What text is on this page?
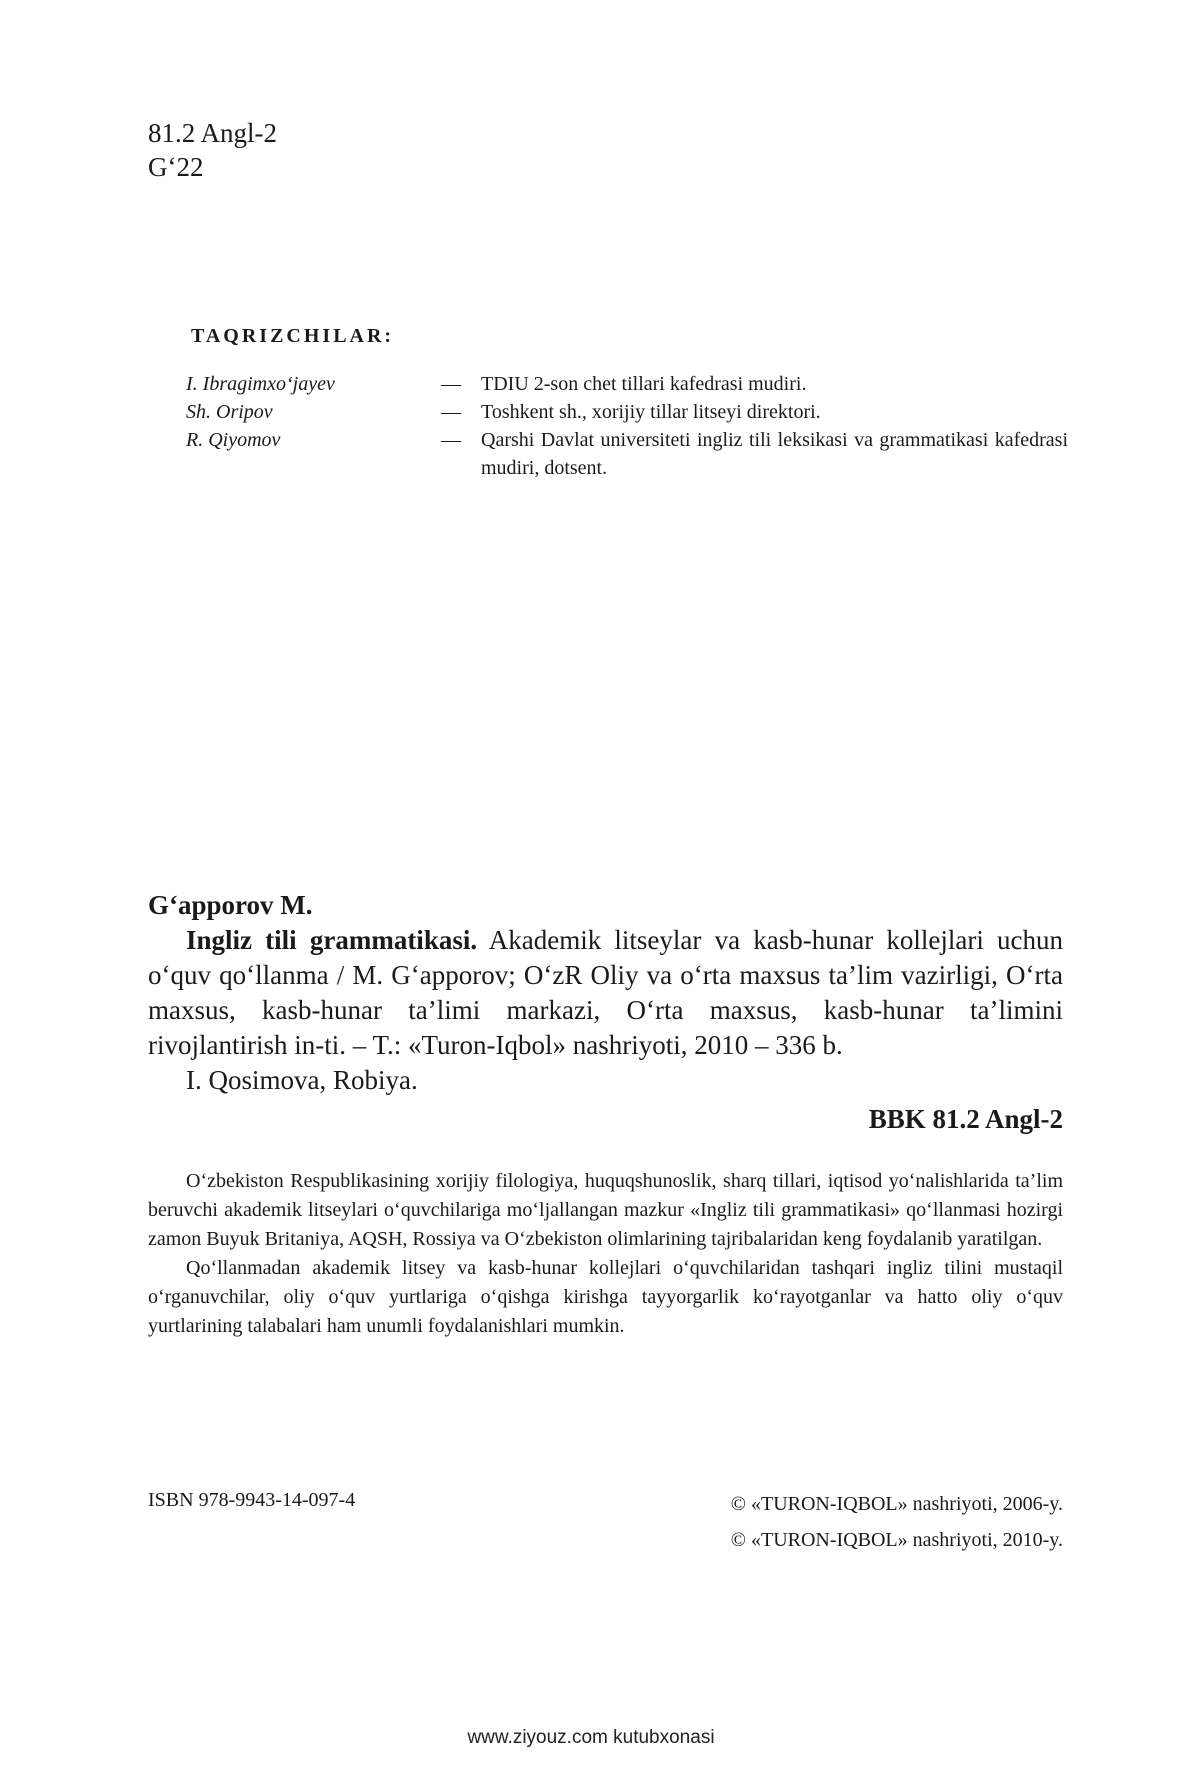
81.2 Angl-2
G‘22
TAQRIZCHILAR:
I. Ibragimxo‘jayev	—	TDIU 2-son chet tillari kafedrasi mudiri.
Sh. Oripov	—	Toshkent sh., xorijiy tillar litseyi direktori.
R. Qiyomov	—	Qarshi Davlat universiteti ingliz tili leksikasi va grammatikasi kafedrasi mudiri, dotsent.
G‘apporov M.
Ingliz tili grammatikasi. Akademik litseylar va kasb-hunar kollejlari uchun o‘quv qo‘llanma / M. G‘apporov; O‘zR Oliy va o‘rta maxsus ta’lim vazirligi, O‘rta maxsus, kasb-hunar ta’limi markazi, O‘rta maxsus, kasb-hunar ta’limini rivojlantirish in-ti. – T.: «Turon-Iqbol» nashriyoti, 2010 – 336 b.
I. Qosimova, Robiya.
BBK 81.2 Angl-2

O‘zbekiston Respublikasining xorijiy filologiya, huquqshunoslik, sharq tillari, iqtisod yo‘nalishlarida ta’lim beruvchi akademik litseylari o‘quvchilariga mo‘ljallangan mazkur «Ingliz tili grammatikasi» qo‘llanmasi hozirgi zamon Buyuk Britaniya, AQSH, Rossiya va O‘zbekiston olimlarining tajribalaridan keng foydalanib yaratilgan.

Qo‘llanmadan akademik litsey va kasb-hunar kollejlari o‘quvchilaridan tashqari ingliz tilini mustaqil o‘rganuvchilar, oliy o‘quv yurtlariga o‘qishga kirishga tayyorgarlik ko‘rayotganlar va hatto oliy o‘quv yurtlarining talabalari ham unumli foydalanishlari mumkin.

ISBN 978-9943-14-097-4	© «TURON-IQBOL» nashriyoti, 2006-y.
© «TURON-IQBOL» nashriyoti, 2010-y.
www.ziyouz.com kutubxonasi
